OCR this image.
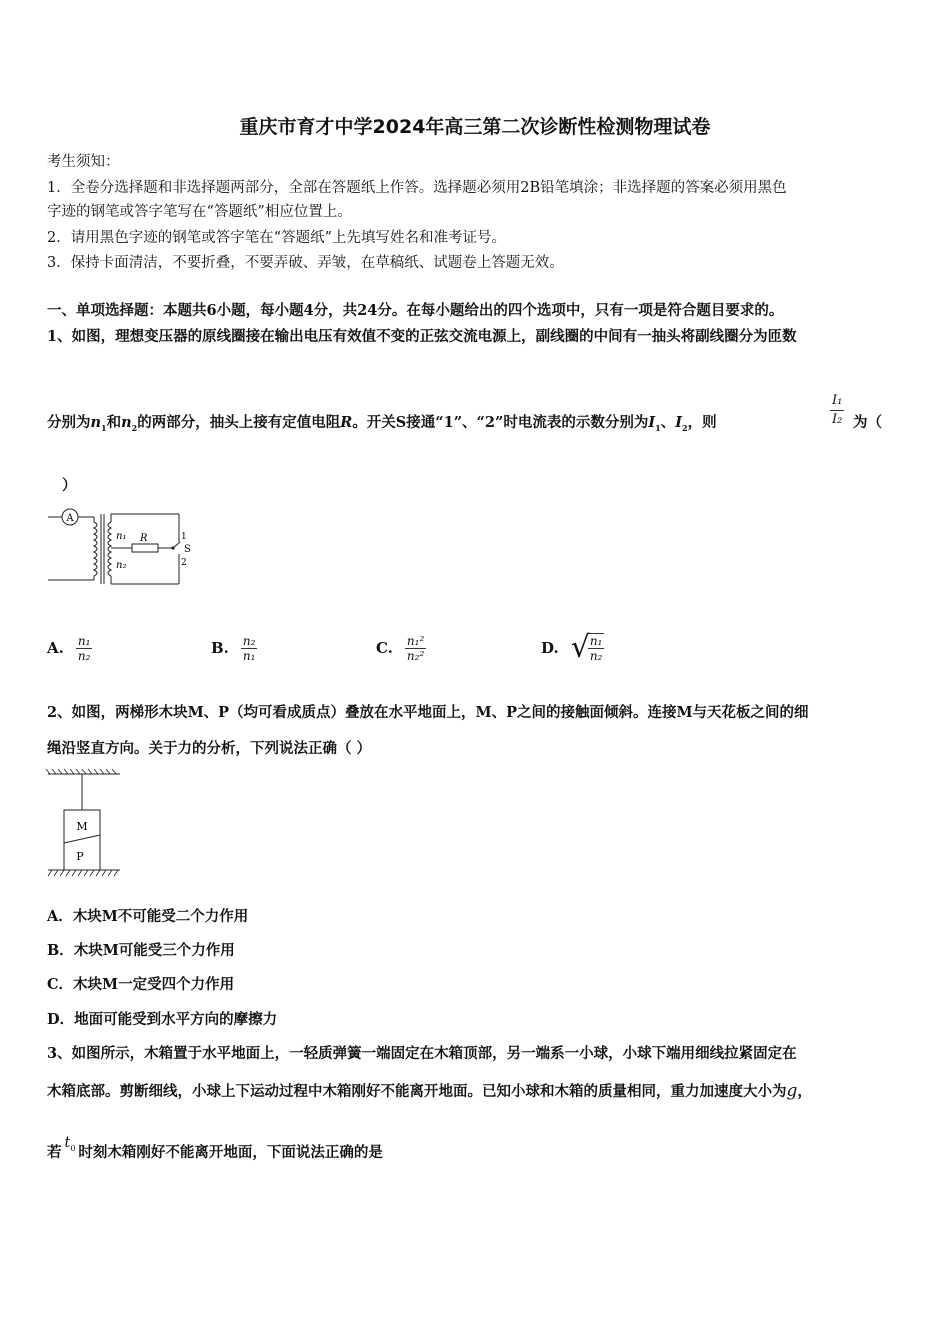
重庆市育才中学2024年高三第二次诊断性检测物理试卷
考生须知：
1．全卷分选择题和非选择题两部分，全部在答题纸上作答。选择题必须用2B铅笔填涂；非选择题的答案必须用黑色
字迹的钢笔或答字笔写在“答题纸”相应位置上。
2．请用黑色字迹的钢笔或答字笔在“答题纸”上先填写姓名和准考证号。
3．保持卡面清洁，不要折叠，不要弄破、弄皱，在草稿纸、试题卷上答题无效。
一、单项选择题：本题共6小题，每小题4分，共24分。在每小题给出的四个选项中，只有一项是符合题目要求的。
1、如图，理想变压器的原线圈接在输出电压有效值不变的正弦交流电源上，副线圈的中间有一抽头将副线圈分为匝数
分别为$n_1$和$n_2$的两部分，抽头上接有定值电阻R。开关S接通“1”、“2”时电流表的示数分别为$I_1$、$I_2$，则	$\frac{\text{I₁}}{\text{I₂}}$ 为（
）
A
n₁
n₂
R
S
1
2
A. $\frac{\text{n₁}}{\text{n₂}}$	B. $\frac{\text{n₂}}{\text{n₁}}$	C. $\frac{\text{n₁²}}{\text{n₂²}}$	D. √
$\frac{\text{n₁}}{\text{n₂}}$
2、如图，两梯形木块M、P（均可看成质点）叠放在水平地面上，M、P之间的接触面倾斜。连接M与天花板之间的细
绳沿竖直方向。关于力的分析，下列说法正确（ ）
M
P
A．木块M不可能受二个力作用
B．木块M可能受三个力作用
C．木块M一定受四个力作用
D．地面可能受到水平方向的摩擦力
3、如图所示，木箱置于水平地面上，一轻质弹簧一端固定在木箱顶部，另一端系一小球，小球下端用细线拉紧固定在
木箱底部。剪断细线，小球上下运动过程中木箱刚好不能离开地面。已知小球和木箱的质量相同，重力加速度大小为g，
若$t_0$ 时刻木箱刚好不能离开地面，下面说法正确的是
